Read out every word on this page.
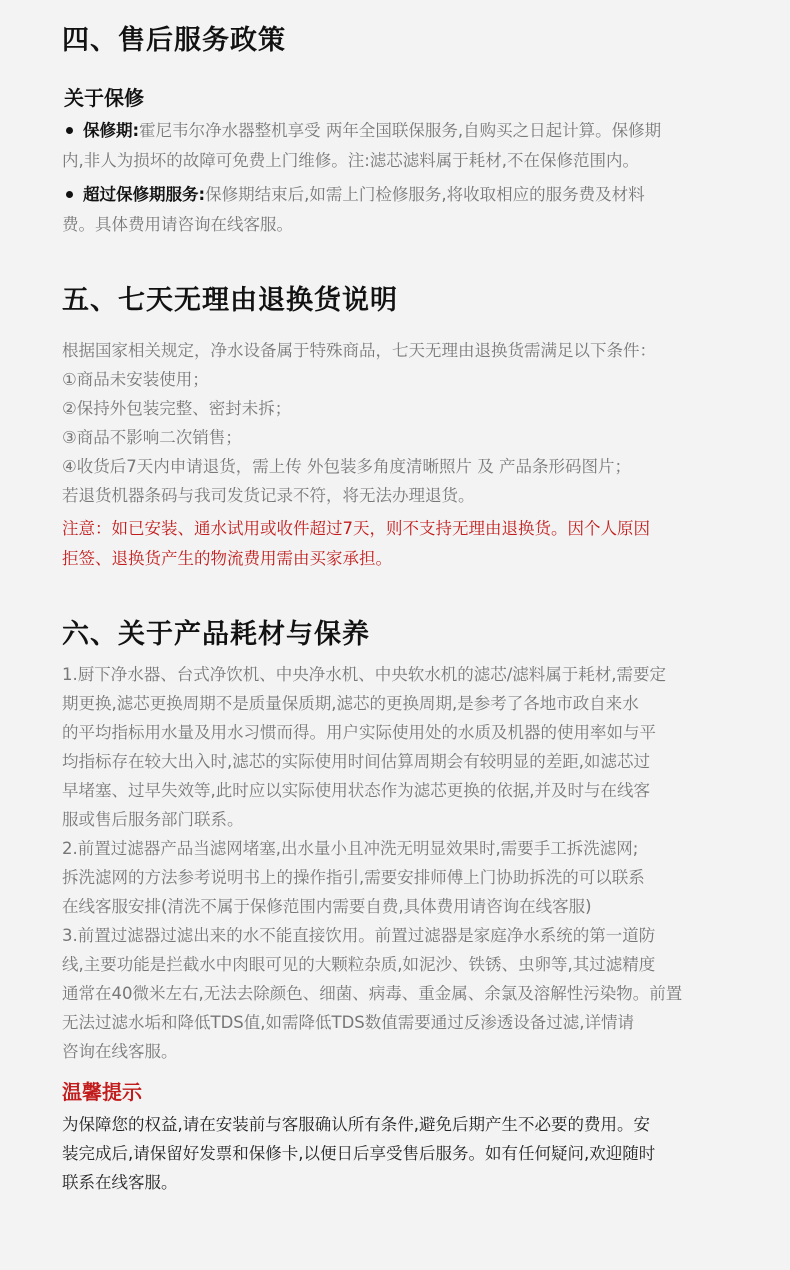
四、售后服务政策
关于保修
保修期:霍尼韦尔净水器整机享受 两年全国联保服务,自购买之日起计算。保修期
内,非人为损坏的故障可免费上门维修。注:滤芯滤料属于耗材,不在保修范围内。
超过保修期服务:保修期结束后,如需上门检修服务,将收取相应的服务费及材料
费。具体费用请咨询在线客服。
五、七天无理由退换货说明
根据国家相关规定，净水设备属于特殊商品，七天无理由退换货需满足以下条件：
①商品未安装使用；
②保持外包装完整、密封未拆；
③商品不影响二次销售；
④收货后7天内申请退货，需上传 外包装多角度清晰照片 及 产品条形码图片；
若退货机器条码与我司发货记录不符，将无法办理退货。
注意：如已安装、通水试用或收件超过7天，则不支持无理由退换货。因个人原因
拒签、退换货产生的物流费用需由买家承担。
六、关于产品耗材与保养
1.厨下净水器、台式净饮机、中央净水机、中央软水机的滤芯/滤料属于耗材,需要定
期更换,滤芯更换周期不是质量保质期,滤芯的更换周期,是参考了各地市政自来水
的平均指标用水量及用水习惯而得。用户实际使用处的水质及机器的使用率如与平
均指标存在较大出入时,滤芯的实际使用时间估算周期会有较明显的差距,如滤芯过
早堵塞、过早失效等,此时应以实际使用状态作为滤芯更换的依据,并及时与在线客
服或售后服务部门联系。
2.前置过滤器产品当滤网堵塞,出水量小且冲洗无明显效果时,需要手工拆洗滤网;
拆洗滤网的方法参考说明书上的操作指引,需要安排师傅上门协助拆洗的可以联系
在线客服安排(清洗不属于保修范围内需要自费,具体费用请咨询在线客服)
3.前置过滤器过滤出来的水不能直接饮用。前置过滤器是家庭净水系统的第一道防
线,主要功能是拦截水中肉眼可见的大颗粒杂质,如泥沙、铁锈、虫卵等,其过滤精度
通常在40微米左右,无法去除颜色、细菌、病毒、重金属、余氯及溶解性污染物。前置
无法过滤水垢和降低TDS值,如需降低TDS数值需要通过反渗透设备过滤,详情请
咨询在线客服。
温馨提示
为保障您的权益,请在安装前与客服确认所有条件,避免后期产生不必要的费用。安
装完成后,请保留好发票和保修卡,以便日后享受售后服务。如有任何疑问,欢迎随时
联系在线客服。
